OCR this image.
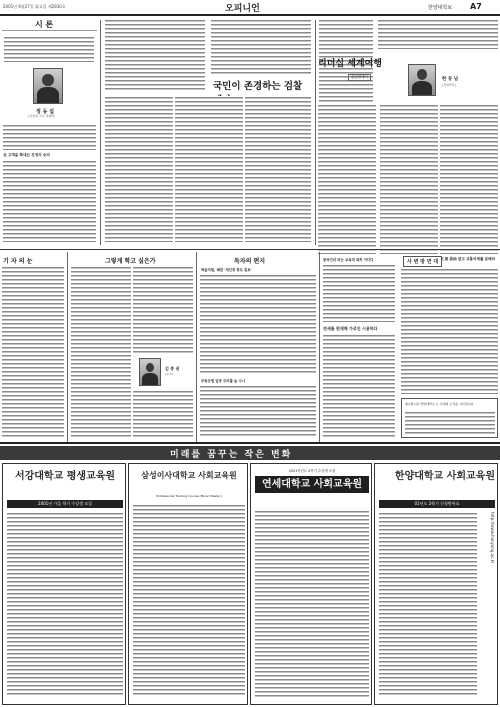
2001년 6월27일 화요일 제2830호	오피니언	한양대학보 A7
시 론
정 동 섭
(서울대 교수·경제학)
北 고객을 확대는 진정의 승리
국민이 존경하는 검찰
리더십 세계여행
칼럼연재식	한 동 남
(경영학부)
기 자 의 눈	그렇게 학고 싶은가
김 종 권
(교수)
독자의 편지
학술지원, 배판 '개인정 창도 흥보'
부동산법 입당 주의를 늘 수나
한국인의 피는 교육적 특히 이다다
전세를 편재해 가로인 시용하다
사 변 방 면 대 工業 原油 알고 교통의체를 분배라
제보합니다 한양대학보 는 교내외 소식을 기다립니다
미래를 꿈꾸는 작은 변화
서강대학교 평생교육원
2001년 가을 학기 수강생 모집
삼성이사대학교 사회교육원
Professional Training Course (Music Master)
2001학년도 2학기 수강생 모집
연세대학교 사회교육원
한양대학교 사회교육원
01년도 2학기 신청받아요
http://www.hanyang.ac.kr
